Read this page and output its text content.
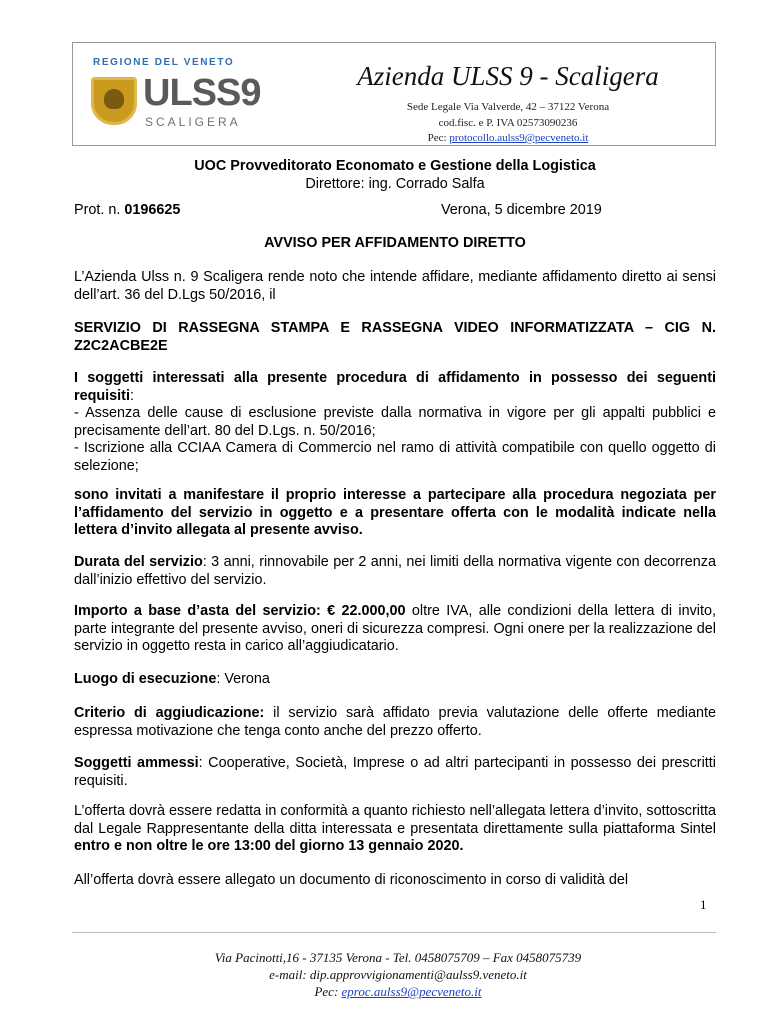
REGIONE DEL VENETO
ULSS9
SCALIGERA
Azienda ULSS 9 - Scaligera
Sede Legale Via Valverde, 42 – 37122 Verona
cod.fisc. e P. IVA 02573090236
Pec: protocollo.aulss9@pecveneto.it

UOC Provveditorato Economato e Gestione della Logistica

Direttore: ing. Corrado Salfa

Prot. n. 0196625	Verona, 5 dicembre 2019

AVVISO PER AFFIDAMENTO DIRETTO

L’Azienda Ulss n. 9 Scaligera rende noto che intende affidare, mediante affidamento diretto ai sensi dell’art. 36 del D.Lgs 50/2016, il

SERVIZIO DI RASSEGNA STAMPA E RASSEGNA VIDEO INFORMATIZZATA – CIG N. Z2C2ACBE2E

I soggetti interessati alla presente procedura di affidamento in possesso dei seguenti requisiti:

- Assenza delle cause di esclusione previste dalla normativa in vigore per gli appalti pubblici e precisamente dell’art. 80 del D.Lgs. n. 50/2016;

- Iscrizione alla CCIAA Camera di Commercio nel ramo di attività compatibile con quello oggetto di selezione;

sono invitati a manifestare il proprio interesse a partecipare alla procedura negoziata per l’affidamento del servizio in oggetto e a presentare offerta con le modalità indicate nella lettera d’invito allegata al presente avviso.

Durata del servizio: 3 anni, rinnovabile per 2 anni, nei limiti della normativa vigente con decorrenza dall’inizio effettivo del servizio.

Importo a base d’asta del servizio: € 22.000,00 oltre IVA, alle condizioni della lettera di invito, parte integrante del presente avviso, oneri di sicurezza compresi. Ogni onere per la realizzazione del servizio in oggetto resta in carico all’aggiudicatario.

Luogo di esecuzione: Verona

Criterio di aggiudicazione: il servizio sarà affidato previa valutazione delle offerte mediante espressa motivazione che tenga conto anche del prezzo offerto.

Soggetti ammessi: Cooperative, Società, Imprese o ad altri partecipanti in possesso dei prescritti requisiti.

L’offerta dovrà essere redatta in conformità a quanto richiesto nell’allegata lettera d’invito, sottoscritta dal Legale Rappresentante della ditta interessata e presentata direttamente sulla piattaforma Sintel entro e non oltre le ore 13:00 del giorno 13 gennaio 2020.

All’offerta dovrà essere allegato un documento di riconoscimento in corso di validità del

1
Via Pacinotti,16 - 37135 Verona - Tel. 0458075709 – Fax 0458075739
e-mail: dip.approvvigionamenti@aulss9.veneto.it
Pec: eproc.aulss9@pecveneto.it
